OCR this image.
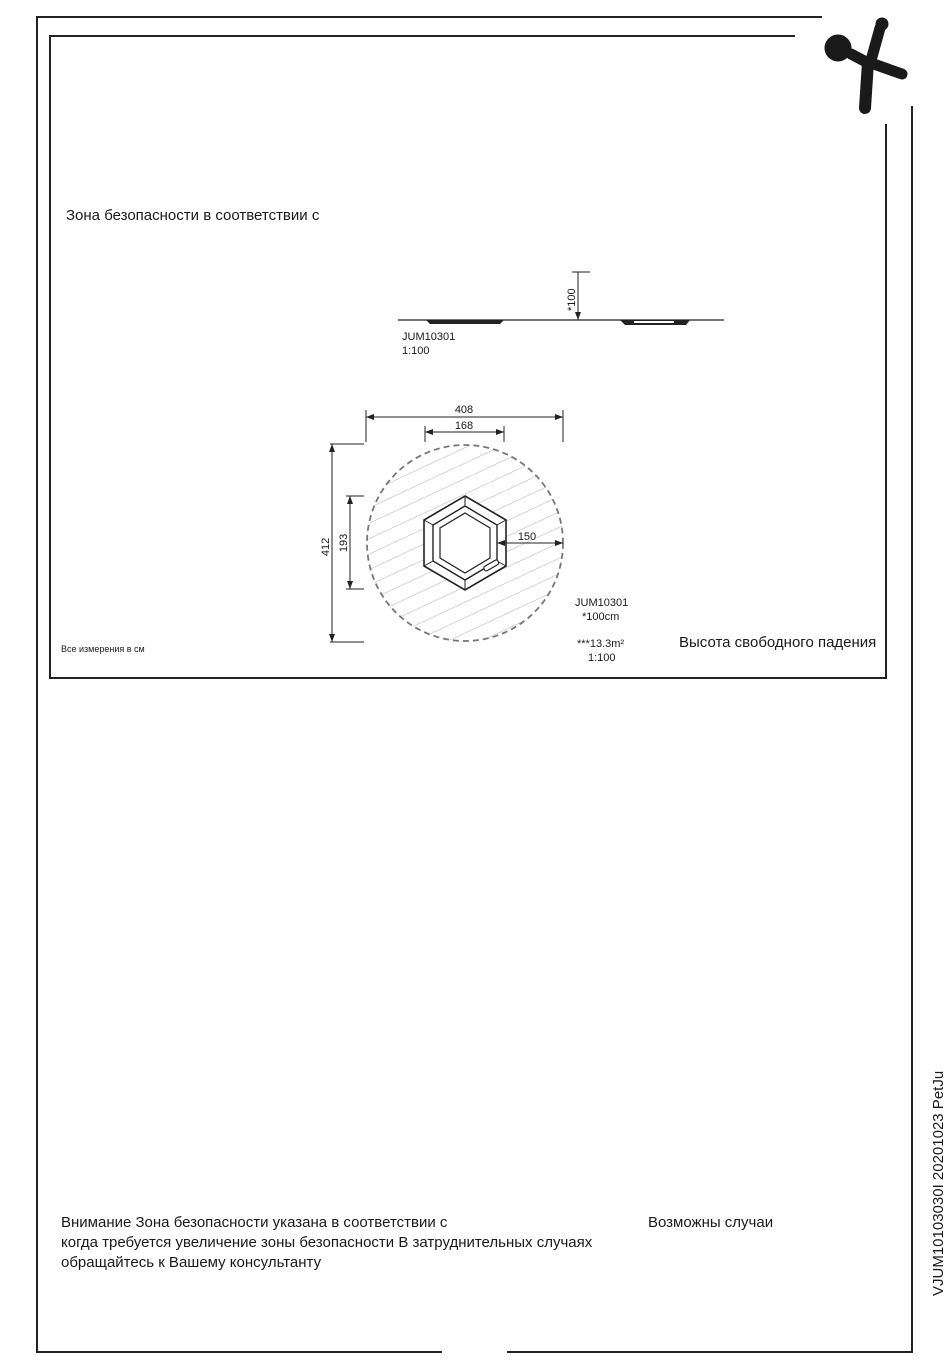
*100
408
168
412 193	150
Зона безопасности в соответствии с
Все измерения в см	Высота свободного падения
JUM10301
1:100
JUM10301
*100cm
***13.3m²
1:100
Внимание Зона безопасности указана в соответствии с	Возможны случаи
когда требуется увеличение зоны безопасности В затруднительных случаях
обращайтесь к Вашему консультанту	VJUM10103030I 20201023 PetJu
